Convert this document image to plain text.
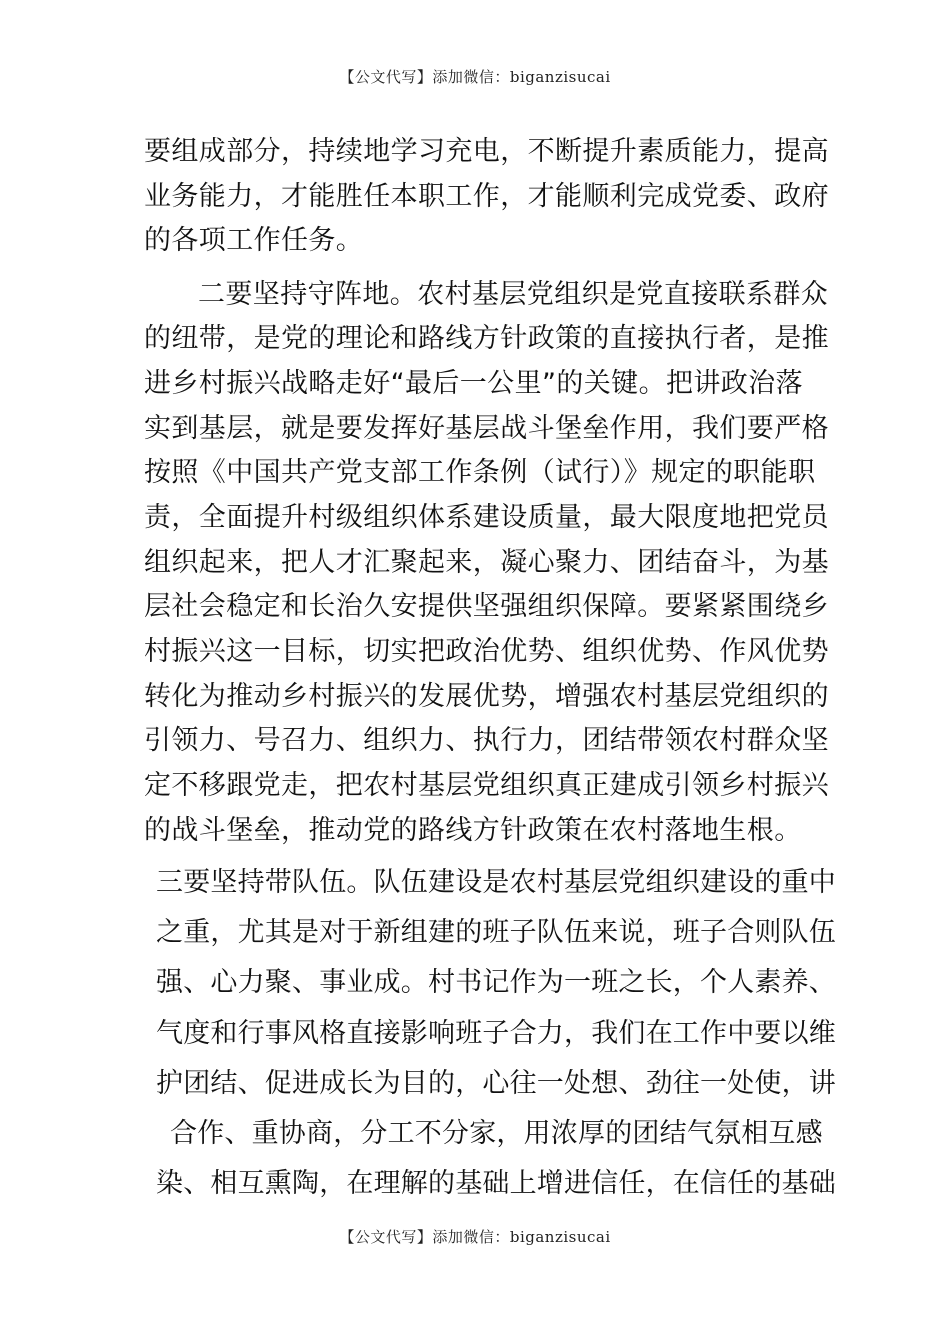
【公文代写】添加微信：biganzisucai
要组成部分，持续地学习充电，不断提升素质能力，提高
业务能力，才能胜任本职工作，才能顺利完成党委、政府
的各项工作任务。
二要坚持守阵地。农村基层党组织是党直接联系群众
的纽带，是党的理论和路线方针政策的直接执行者，是推
进乡村振兴战略走好“最后一公里”的关键。把讲政治落
实到基层，就是要发挥好基层战斗堡垒作用，我们要严格
按照《中国共产党支部工作条例（试行）》规定的职能职
责，全面提升村级组织体系建设质量，最大限度地把党员
组织起来，把人才汇聚起来，凝心聚力、团结奋斗，为基
层社会稳定和长治久安提供坚强组织保障。要紧紧围绕乡
村振兴这一目标，切实把政治优势、组织优势、作风优势
转化为推动乡村振兴的发展优势，增强农村基层党组织的
引领力、号召力、组织力、执行力，团结带领农村群众坚
定不移跟党走，把农村基层党组织真正建成引领乡村振兴
的战斗堡垒，推动党的路线方针政策在农村落地生根。
三要坚持带队伍。队伍建设是农村基层党组织建设的重中
之重，尤其是对于新组建的班子队伍来说，班子合则队伍
强、心力聚、事业成。村书记作为一班之长，个人素养、
气度和行事风格直接影响班子合力，我们在工作中要以维
护团结、促进成长为目的，心往一处想、劲往一处使，讲
合作、重协商，分工不分家，用浓厚的团结气氛相互感
染、相互熏陶，在理解的基础上增进信任，在信任的基础
【公文代写】添加微信：biganzisucai
